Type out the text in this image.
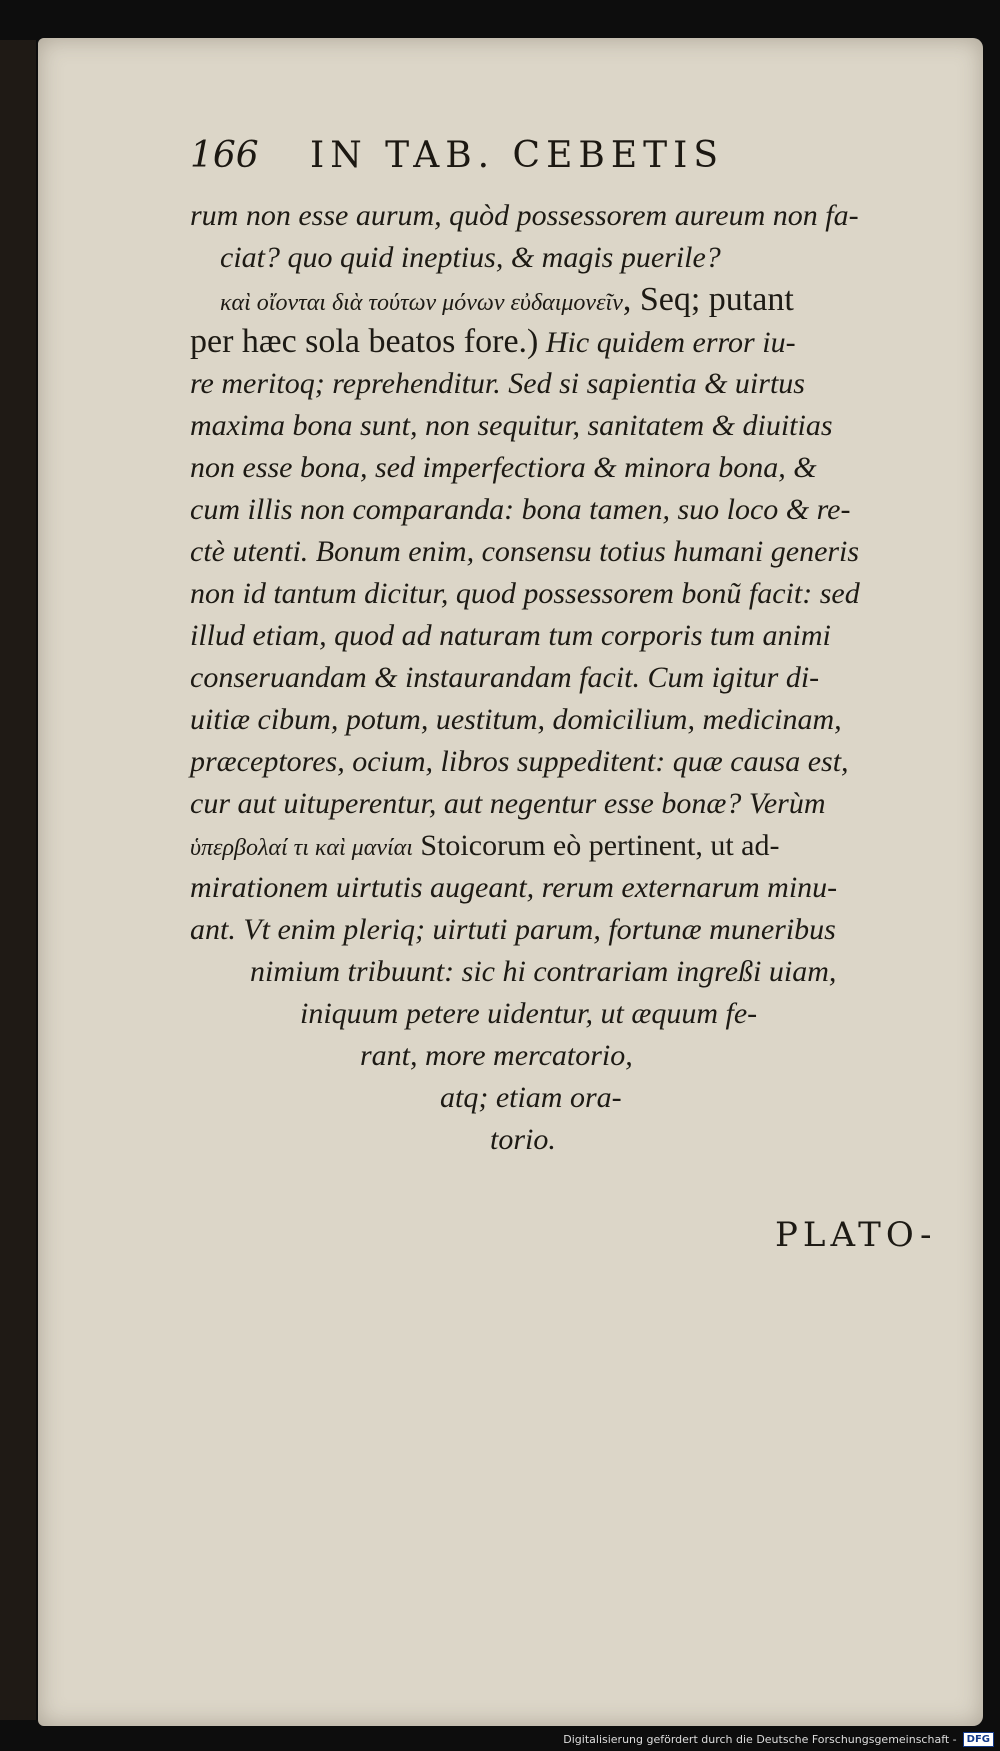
166	IN TAB. CEBETIS
rum non esse aurum, quòd possessorem aureum non fa-
ciat? quo quid ineptius, & magis puerile?
καὶ οἴονται διὰ τούτων μόνων εὐδαιμονεῖν, Seq; putant
per hæc sola beatos fore.) Hic quidem error iu-
re meritoq; reprehenditur. Sed si sapientia & uirtus
maxima bona sunt, non sequitur, sanitatem & diuitias
non esse bona, sed imperfectiora & minora bona, &
cum illis non comparanda: bona tamen, suo loco & re-
ctè utenti. Bonum enim, consensu totius humani generis
non id tantum dicitur, quod possessorem bonũ facit: sed
illud etiam, quod ad naturam tum corporis tum animi
conseruandam & instaurandam facit. Cum igitur di-
uitiæ cibum, potum, uestitum, domicilium, medicinam,
præceptores, ocium, libros suppeditent: quæ causa est,
cur aut uituperentur, aut negentur esse bonæ? Verùm
ὑπερβολαί τι καὶ μανίαι Stoicorum eò pertinent, ut ad-
mirationem uirtutis augeant, rerum externarum minu-
ant. Vt enim pleriq; uirtuti parum, fortunæ muneribus
nimium tribuunt: sic hi contrariam ingreßi uiam,
iniquum petere uidentur, ut æquum fe-
rant, more mercatorio,
atq; etiam ora-
torio.
PLATO-
Digitalisierung gefördert durch die Deutsche Forschungsgemeinschaft -	DFG
